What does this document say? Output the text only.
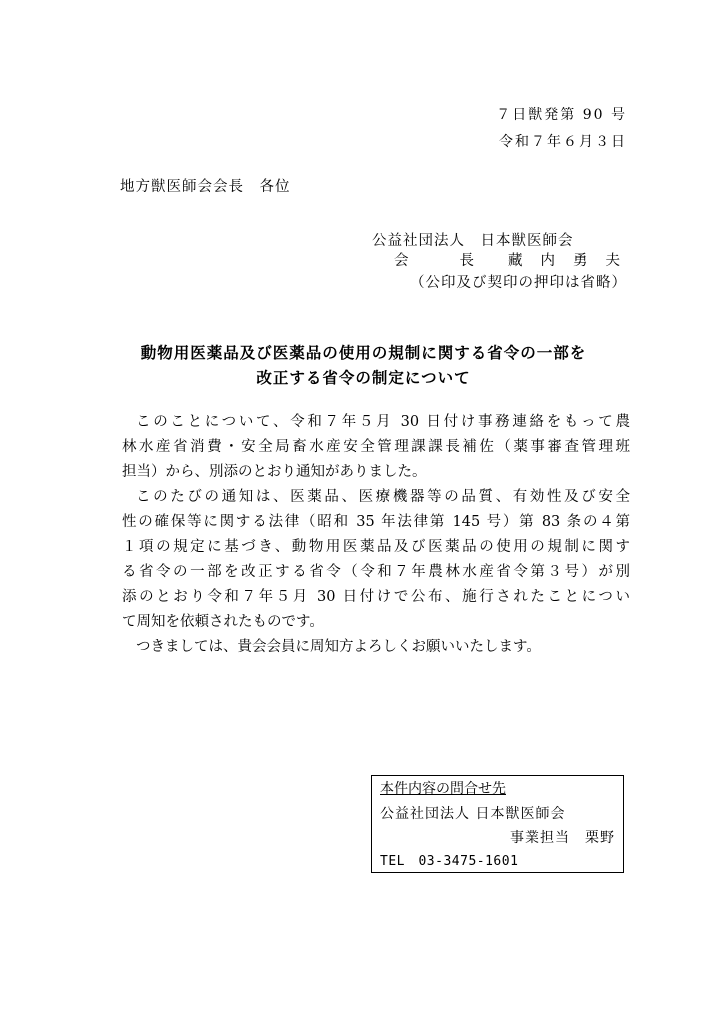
７日獣発第 90 号
令和７年６月３日
地方獣医師会会長　各位
公益社団法人　日本獣医師会
会	長 藏 内 勇 夫
（公印及び契印の押印は省略）
動物用医薬品及び医薬品の使用の規制に関する省令の一部を
改正する省令の制定について
このことについて、令和７年５月 30 日付け事務連絡をもって農
林水産省消費・安全局畜水産安全管理課課長補佐（薬事審査管理班
担当）から、別添のとおり通知がありました。
このたびの通知は、医薬品、医療機器等の品質、有効性及び安全
性の確保等に関する法律（昭和 35 年法律第 145 号）第 83 条の４第
１項の規定に基づき、動物用医薬品及び医薬品の使用の規制に関す
る省令の一部を改正する省令（令和７年農林水産省令第３号）が別
添のとおり令和７年５月 30 日付けで公布、施行されたことについ
て周知を依頼されたものです。
つきましては、貴会会員に周知方よろしくお願いいたします。
本件内容の問合せ先
公益社団法人 日本獣医師会
事業担当　栗野
TEL　03-3475-1601
